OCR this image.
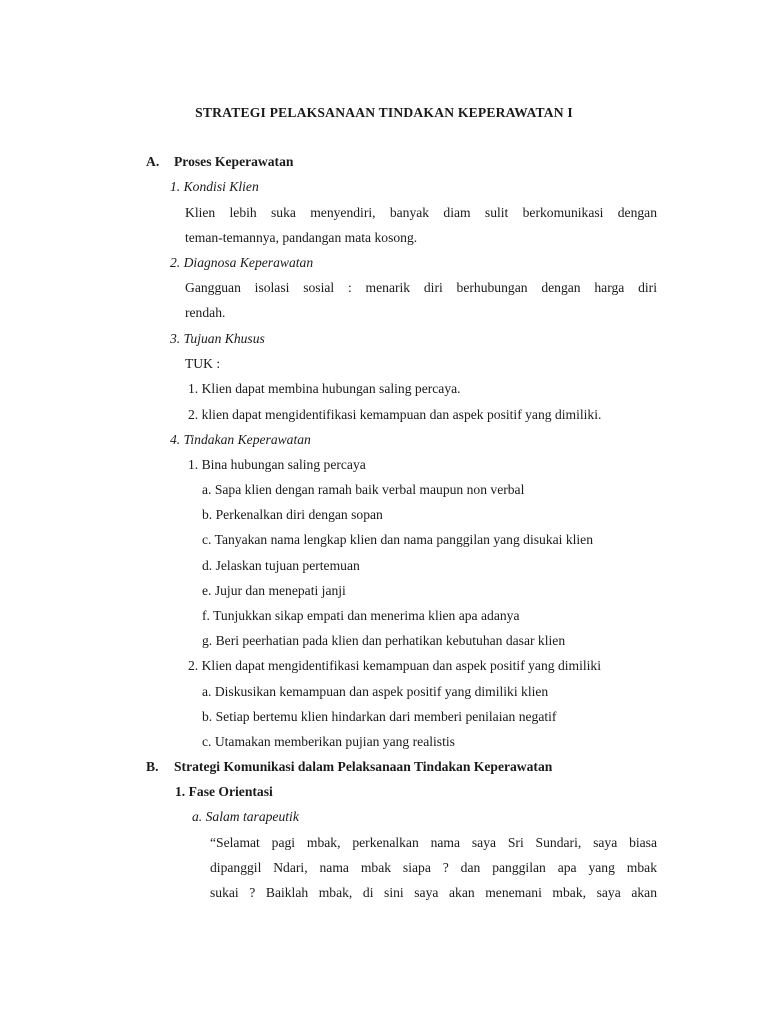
STRATEGI PELAKSANAAN TINDAKAN KEPERAWATAN I
A. Proses Keperawatan
1. Kondisi Klien
Klien lebih suka menyendiri, banyak diam sulit berkomunikasi dengan
teman-temannya, pandangan mata kosong.
2. Diagnosa Keperawatan
Gangguan isolasi sosial : menarik diri berhubungan dengan harga diri
rendah.
3. Tujuan Khusus
TUK :
1. Klien dapat membina hubungan saling percaya.
2. klien dapat mengidentifikasi kemampuan dan aspek positif yang dimiliki.
4. Tindakan Keperawatan
1. Bina hubungan saling percaya
a. Sapa klien dengan ramah baik verbal maupun non verbal
b. Perkenalkan diri dengan sopan
c. Tanyakan nama lengkap klien dan nama panggilan yang disukai klien
d. Jelaskan tujuan pertemuan
e. Jujur dan menepati janji
f. Tunjukkan sikap empati dan menerima klien apa adanya
g. Beri peerhatian pada klien dan perhatikan kebutuhan dasar klien
2. Klien dapat mengidentifikasi kemampuan dan aspek positif yang dimiliki
a. Diskusikan kemampuan dan aspek positif yang dimiliki klien
b. Setiap bertemu klien hindarkan dari memberi penilaian negatif
c. Utamakan memberikan pujian yang realistis
B. Strategi Komunikasi dalam Pelaksanaan Tindakan Keperawatan
1. Fase Orientasi
a. Salam tarapeutik
“Selamat pagi mbak, perkenalkan nama saya Sri Sundari, saya biasa
dipanggil Ndari, nama mbak siapa ? dan panggilan apa yang mbak
sukai ? Baiklah mbak, di sini saya akan menemani mbak, saya akan
